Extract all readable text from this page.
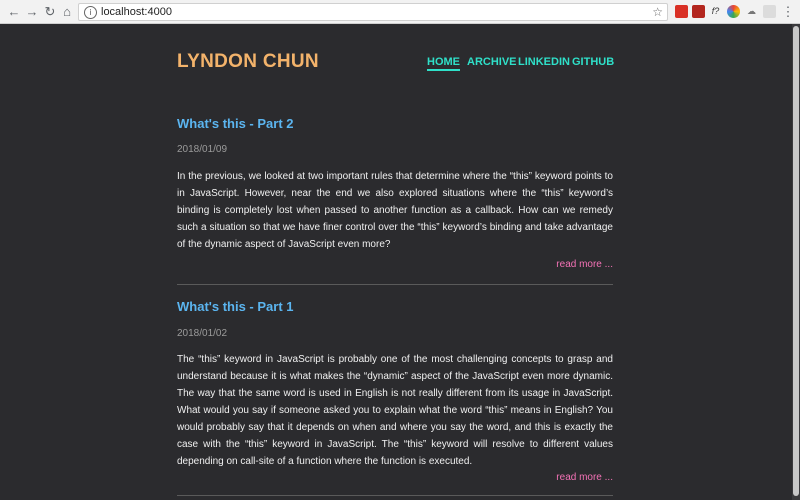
← → ↻ ⌂	i localhost:4000	☆	f?	☁ ⋮
LYNDON CHUN	HOME ARCHIVE LINKEDIN GITHUB
What's this - Part 2
2018/01/09

In the previous, we looked at two important rules that determine where the “this” keyword points to in JavaScript. However, near the end we also explored situations where the “this” keyword’s binding is completely lost when passed to another function as a callback. How can we remedy such a situation so that we have finer control over the “this” keyword’s binding and take advantage of the dynamic aspect of JavaScript even more?

read more ...
What's this - Part 1
2018/01/02

The “this” keyword in JavaScript is probably one of the most challenging concepts to grasp and understand because it is what makes the “dynamic” aspect of the JavaScript even more dynamic. The way that the same word is used in English is not really different from its usage in JavaScript. What would you say if someone asked you to explain what the word “this” means in English? You would probably say that it depends on when and where you say the word, and this is exactly the case with the “this” keyword in JavaScript. The “this” keyword will resolve to different values depending on call-site of a function where the function is executed.

read more ...
